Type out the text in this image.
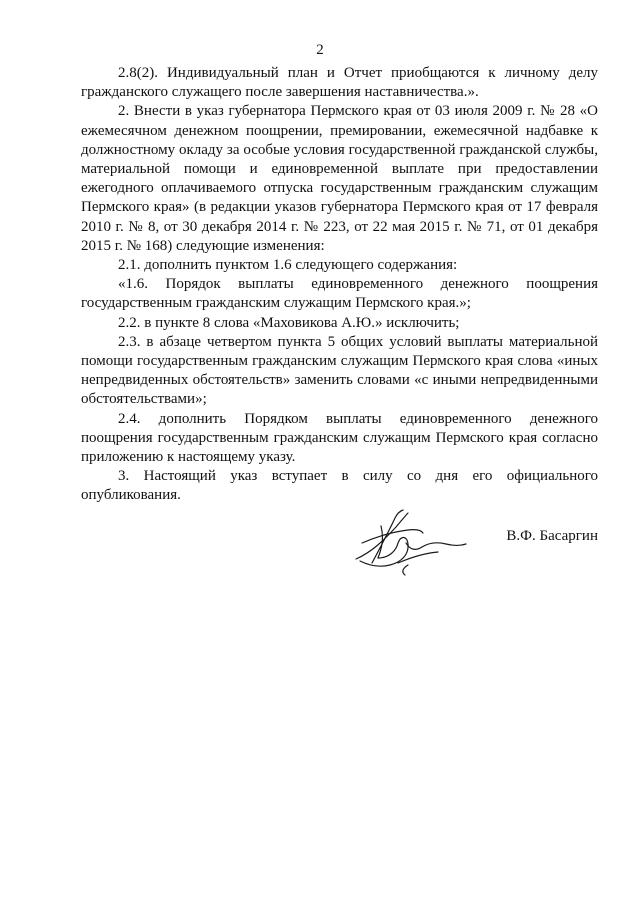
2

2.8(2). Индивидуальный план и Отчет приобщаются к личному делу гражданского служащего после завершения наставничества.».

2. Внести в указ губернатора Пермского края от 03 июля 2009 г. № 28 «О ежемесячном денежном поощрении, премировании, ежемесячной надбавке к должностному окладу за особые условия государственной гражданской службы, материальной помощи и единовременной выплате при предоставлении ежегодного оплачиваемого отпуска государственным гражданским служащим Пермского края» (в редакции указов губернатора Пермского края от 17 февраля 2010 г. № 8, от 30 декабря 2014 г. № 223, от 22 мая 2015 г. № 71, от 01 декабря 2015 г. № 168) следующие изменения:

2.1. дополнить пунктом 1.6 следующего содержания:

«1.6. Порядок выплаты единовременного денежного поощрения государственным гражданским служащим Пермского края.»;

2.2. в пункте 8 слова «Маховикова А.Ю.» исключить;

2.3. в абзаце четвертом пункта 5 общих условий выплаты материальной помощи государственным гражданским служащим Пермского края слова «иных непредвиденных обстоятельств» заменить словами «с иными непредвиденными обстоятельствами»;

2.4. дополнить Порядком выплаты единовременного денежного поощрения государственным гражданским служащим Пермского края согласно приложению к настоящему указу.

3. Настоящий указ вступает в силу со дня его официального опубликования.

В.Ф. Басаргин
